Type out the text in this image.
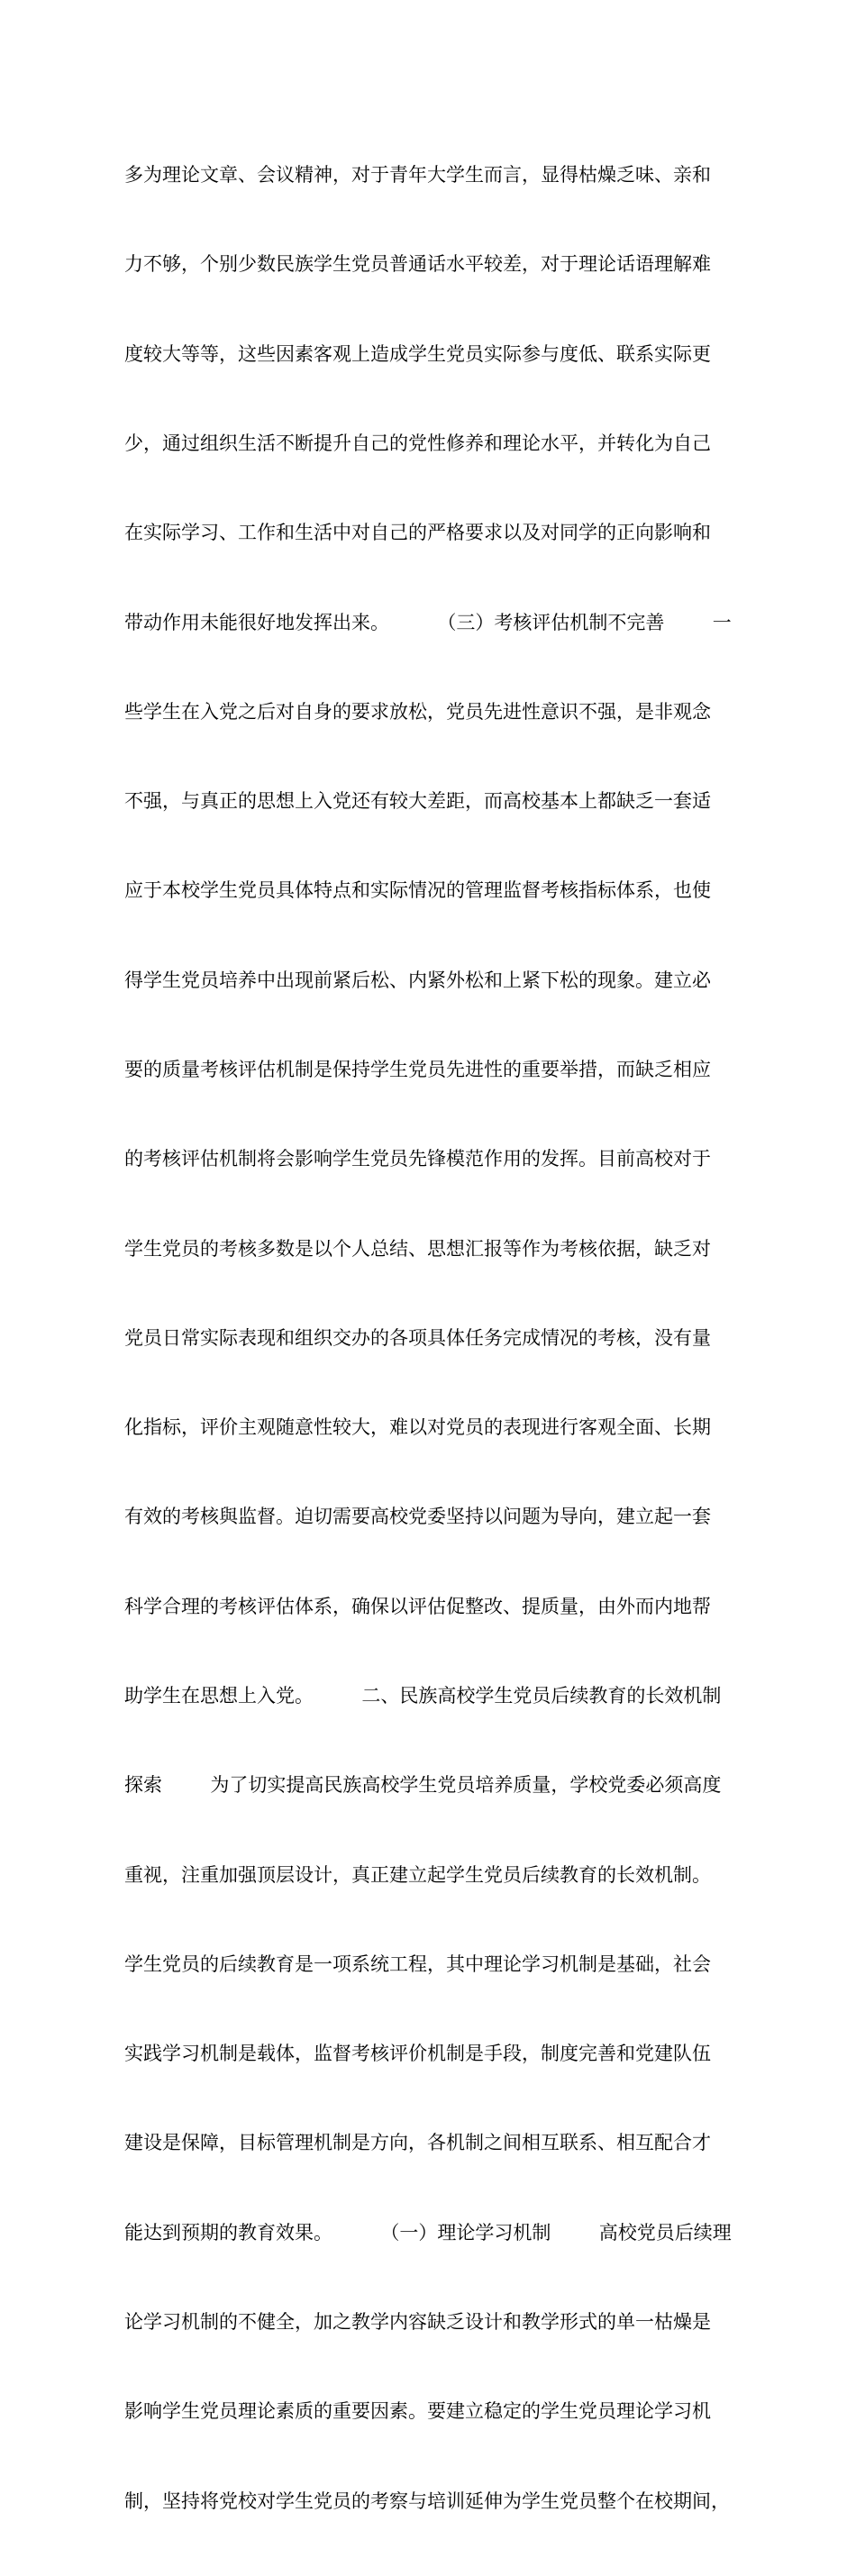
多为理论文章、会议精神，对于青年大学生而言，显得枯燥乏味、亲和

力不够，个别少数民族学生党员普通话水平较差，对于理论话语理解难

度较大等等，这些因素客观上造成学生党员实际参与度低、联系实际更

少，通过组织生活不断提升自己的党性修养和理论水平，并转化为自己

在实际学习、工作和生活中对自己的严格要求以及对同学的正向影响和

带动作用未能很好地发挥出来。        （三）考核评估机制不完善        一

些学生在入党之后对自身的要求放松，党员先进性意识不强，是非观念

不强，与真正的思想上入党还有较大差距，而高校基本上都缺乏一套适

应于本校学生党员具体特点和实际情况的管理监督考核指标体系，也使

得学生党员培养中出现前紧后松、内紧外松和上紧下松的现象。建立必

要的质量考核评估机制是保持学生党员先进性的重要举措，而缺乏相应

的考核评估机制将会影响学生党员先锋模范作用的发挥。目前高校对于

学生党员的考核多数是以个人总结、思想汇报等作为考核依据，缺乏对

党员日常实际表现和组织交办的各项具体任务完成情况的考核，没有量

化指标，评价主观随意性较大，难以对党员的表现进行客观全面、长期

有效的考核與监督。迫切需要高校党委坚持以问题为导向，建立起一套

科学合理的考核评估体系，确保以评估促整改、提质量，由外而内地帮

助学生在思想上入党。        二、民族高校学生党员后续教育的长效机制

探索        为了切实提高民族高校学生党员培养质量，学校党委必须高度

重视，注重加强顶层设计，真正建立起学生党员后续教育的长效机制。

学生党员的后续教育是一项系统工程，其中理论学习机制是基础，社会

实践学习机制是载体，监督考核评价机制是手段，制度完善和党建队伍

建设是保障，目标管理机制是方向，各机制之间相互联系、相互配合才

能达到预期的教育效果。        （一）理论学习机制        高校党员后续理

论学习机制的不健全，加之教学内容缺乏设计和教学形式的单一枯燥是

影响学生党员理论素质的重要因素。要建立稳定的学生党员理论学习机

制，坚持将党校对学生党员的考察与培训延伸为学生党员整个在校期间，
